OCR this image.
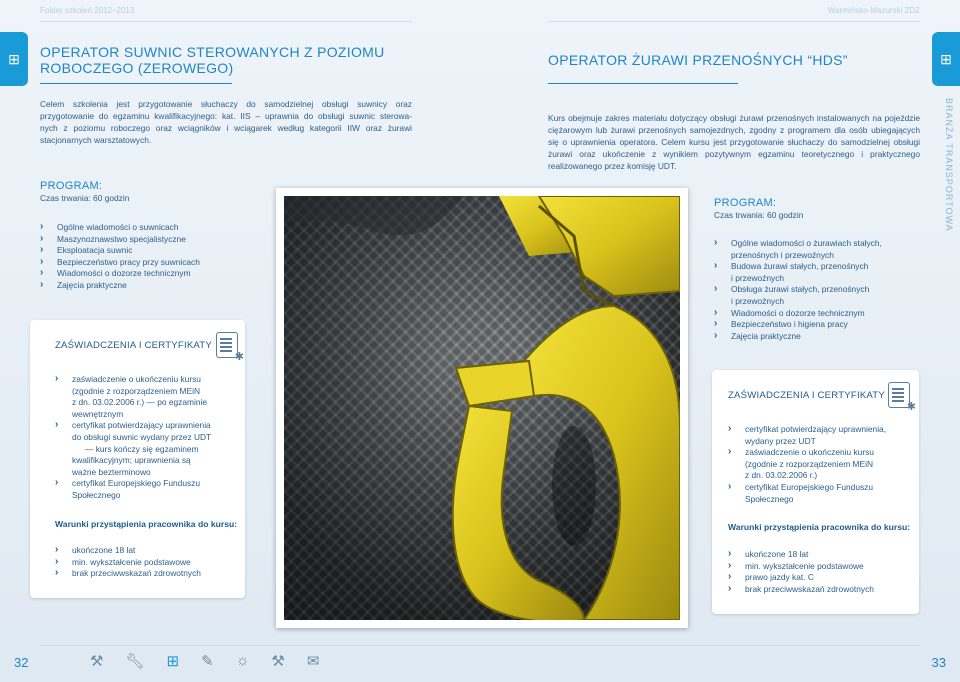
Folder szkoleń 2012–2013	Warmińsko-Mazurski ZDZ
⊞	⊞
BRANŻA TRANSPORTOWA
OPERATOR SUWNIC STEROWANYCH Z POZIOMU
ROBOCZEGO (ZEROWEGO)
Celem szkolenia jest przygotowanie słuchaczy do samodzielnej obsługi suwnicy oraz
przygotowanie do egzaminu kwalifikacyjnego: kat. IIS – uprawnia do obsługi suwnic sterowa-
nych z poziomu roboczego oraz wciągników i wciągarek według kategorii IIW oraz żurawi
stacjonarnych warsztatowych.
PROGRAM:
Czas trwania: 60 godzin
› Ogólne wiadomości o suwnicach
› Maszynoznawstwo specjalistyczne
› Eksploatacja suwnic
› Bezpieczeństwo pracy przy suwnicach
› Wiadomości o dozorze technicznym
› Zajęcia praktyczne
ZAŚWIADCZENIA I CERTYFIKATY
✱
› zaświadczenie o ukończeniu kursu
(zgodnie z rozporządzeniem MEiN
z dn. 03.02.2006 r.) — po egzaminie
wewnętrznym
› certyfikat potwierdzający uprawnienia
do obsługi suwnic wydany przez UDT
— kurs kończy się egzaminem
kwalifikacyjnym; uprawnienia są
ważne bezterminowo
› certyfikat Europejskiego Funduszu
Społecznego
Warunki przystąpienia pracownika do kursu:
› ukończone 18 lat
› min. wykształcenie podstawowe
› brak przeciwwskazań zdrowotnych
OPERATOR ŻURAWI PRZENOŚNYCH “HDS”
Kurs obejmuje zakres materiału dotyczący obsługi żurawi przenośnych instalowanych na pojeździe
ciężarowym lub żurawi przenośnych samojezdnych, zgodny z programem dla osób ubiegających
się o uprawnienia operatora. Celem kursu jest przygotowanie słuchaczy do samodzielnej obsługi
żurawi oraz ukończenie z wynikiem pozytywnym egzaminu teoretycznego i praktycznego
realizowanego przez komisję UDT.
PROGRAM:
Czas trwania: 60 godzin
› Ogólne wiadomości o żurawiach stałych,
przenośnych i przewoźnych
› Budowa żurawi stałych, przenośnych
i przewoźnych
› Obsługa żurawi stałych, przenośnych
i przewoźnych
› Wiadomości o dozorze technicznym
› Bezpieczeństwo i higiena pracy
› Zajęcia praktyczne
ZAŚWIADCZENIA I CERTYFIKATY
✱
› certyfikat potwierdzający uprawnienia,
wydany przez UDT
› zaświadczenie o ukończeniu kursu
(zgodnie z rozporządzeniem MEiN
z dn. 03.02.2006 r.)
› certyfikat Europejskiego Funduszu
Społecznego
Warunki przystąpienia pracownika do kursu:
› ukończone 18 lat
› min. wykształcenie podstawowe
› prawo jazdy kat. C
› brak przeciwwskazań zdrowotnych
32	33
⚒ 🔧︎ ⊞ ✎ ☼ ⚒ ✉
